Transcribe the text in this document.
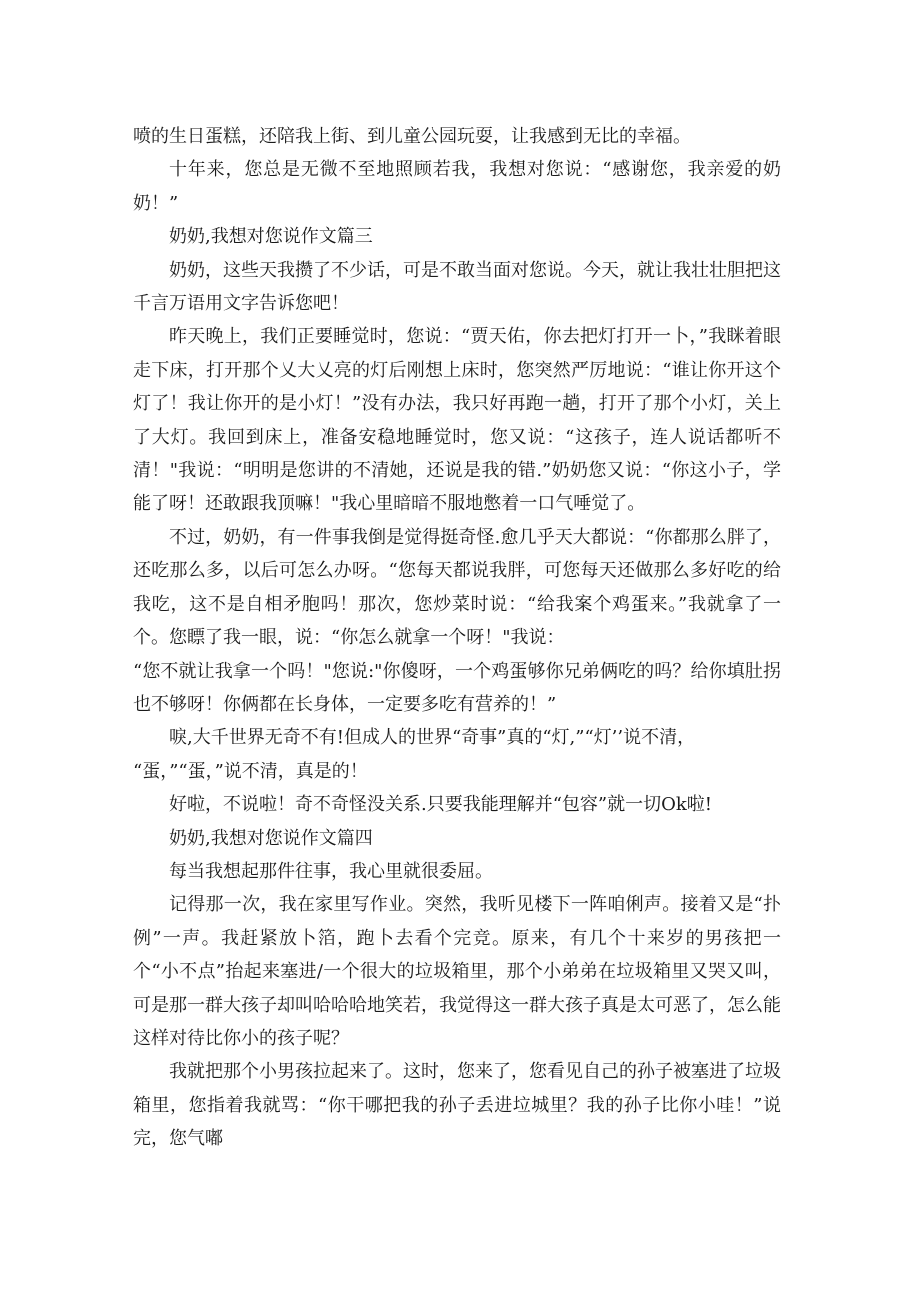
喷的生日蛋糕，还陪我上街、到儿童公园玩耍，让我感到无比的幸福。

十年来，您总是无微不至地照顾若我，我想对您说：“感谢您，我亲爱的奶奶！”

奶奶,我想对您说作文篇三

奶奶，这些天我攒了不少话，可是不敢当面对您说。今天，就让我壮壮胆把这千言万语用文字告诉您吧！

昨天晚上，我们正要睡觉时，您说：“贾天佑，你去把灯打开一卜，”我眯着眼走下床，打开那个乂大乂亮的灯后刚想上床时，您突然严厉地说：“谁让你开这个灯了！我让你开的是小灯！”没有办法，我只好再跑一趟，打开了那个小灯，关上了大灯。我回到床上，准备安稳地睡觉时，您又说：“这孩子，连人说话都听不清！"我说：“明明是您讲的不清她，还说是我的错.”奶奶您又说：“你这小子，学能了呀！还敢跟我顶嘛！"我心里暗暗不服地憋着一口气唾觉了。

不过，奶奶，有一件事我倒是觉得挺奇怪.愈几乎天大都说：“你都那么胖了，还吃那么多，以后可怎么办呀。“您每天都说我胖，可您每天还做那么多好吃的给我吃，这不是自相矛胞吗！那次，您炒菜时说：“给我案个鸡蛋来。”我就拿了一个。您瞟了我一眼，说：“你怎么就拿一个呀！"我说：

“您不就让我拿一个吗！"您说:"你傻呀，一个鸡蛋够你兄弟俩吃的吗？给你填肚拐也不够呀！你俩都在长身体，一定要多吃有营养的！”

唳,大千世界无奇不有!但成人的世界“奇事”真的“灯,”“灯’’说不清，

“蛋，”“蛋，”说不清，真是的！

好啦，不说啦！奇不奇怪没关系.只要我能理解并“包容”就一切Ok啦!

奶奶,我想对您说作文篇四

每当我想起那件往事，我心里就很委屈。

记得那一次，我在家里写作业。突然，我听见楼下一阵咱俐声。接着又是“扑例”一声。我赶紧放卜箔，跑卜去看个完竞。原来，有几个十来岁的男孩把一个“小不点”抬起来塞进/一个很大的垃圾箱里，那个小弟弟在垃圾箱里又哭又叫，可是那一群大孩子却叫哈哈哈地笑若，我觉得这一群大孩子真是太可恶了，怎么能这样对待比你小的孩子呢？

我就把那个小男孩拉起来了。这时，您来了，您看见自己的孙子被塞进了垃圾箱里，您指着我就骂：“你干哪把我的孙子丢进垃城里？我的孙子比你小哇！”说完，您气嘟
